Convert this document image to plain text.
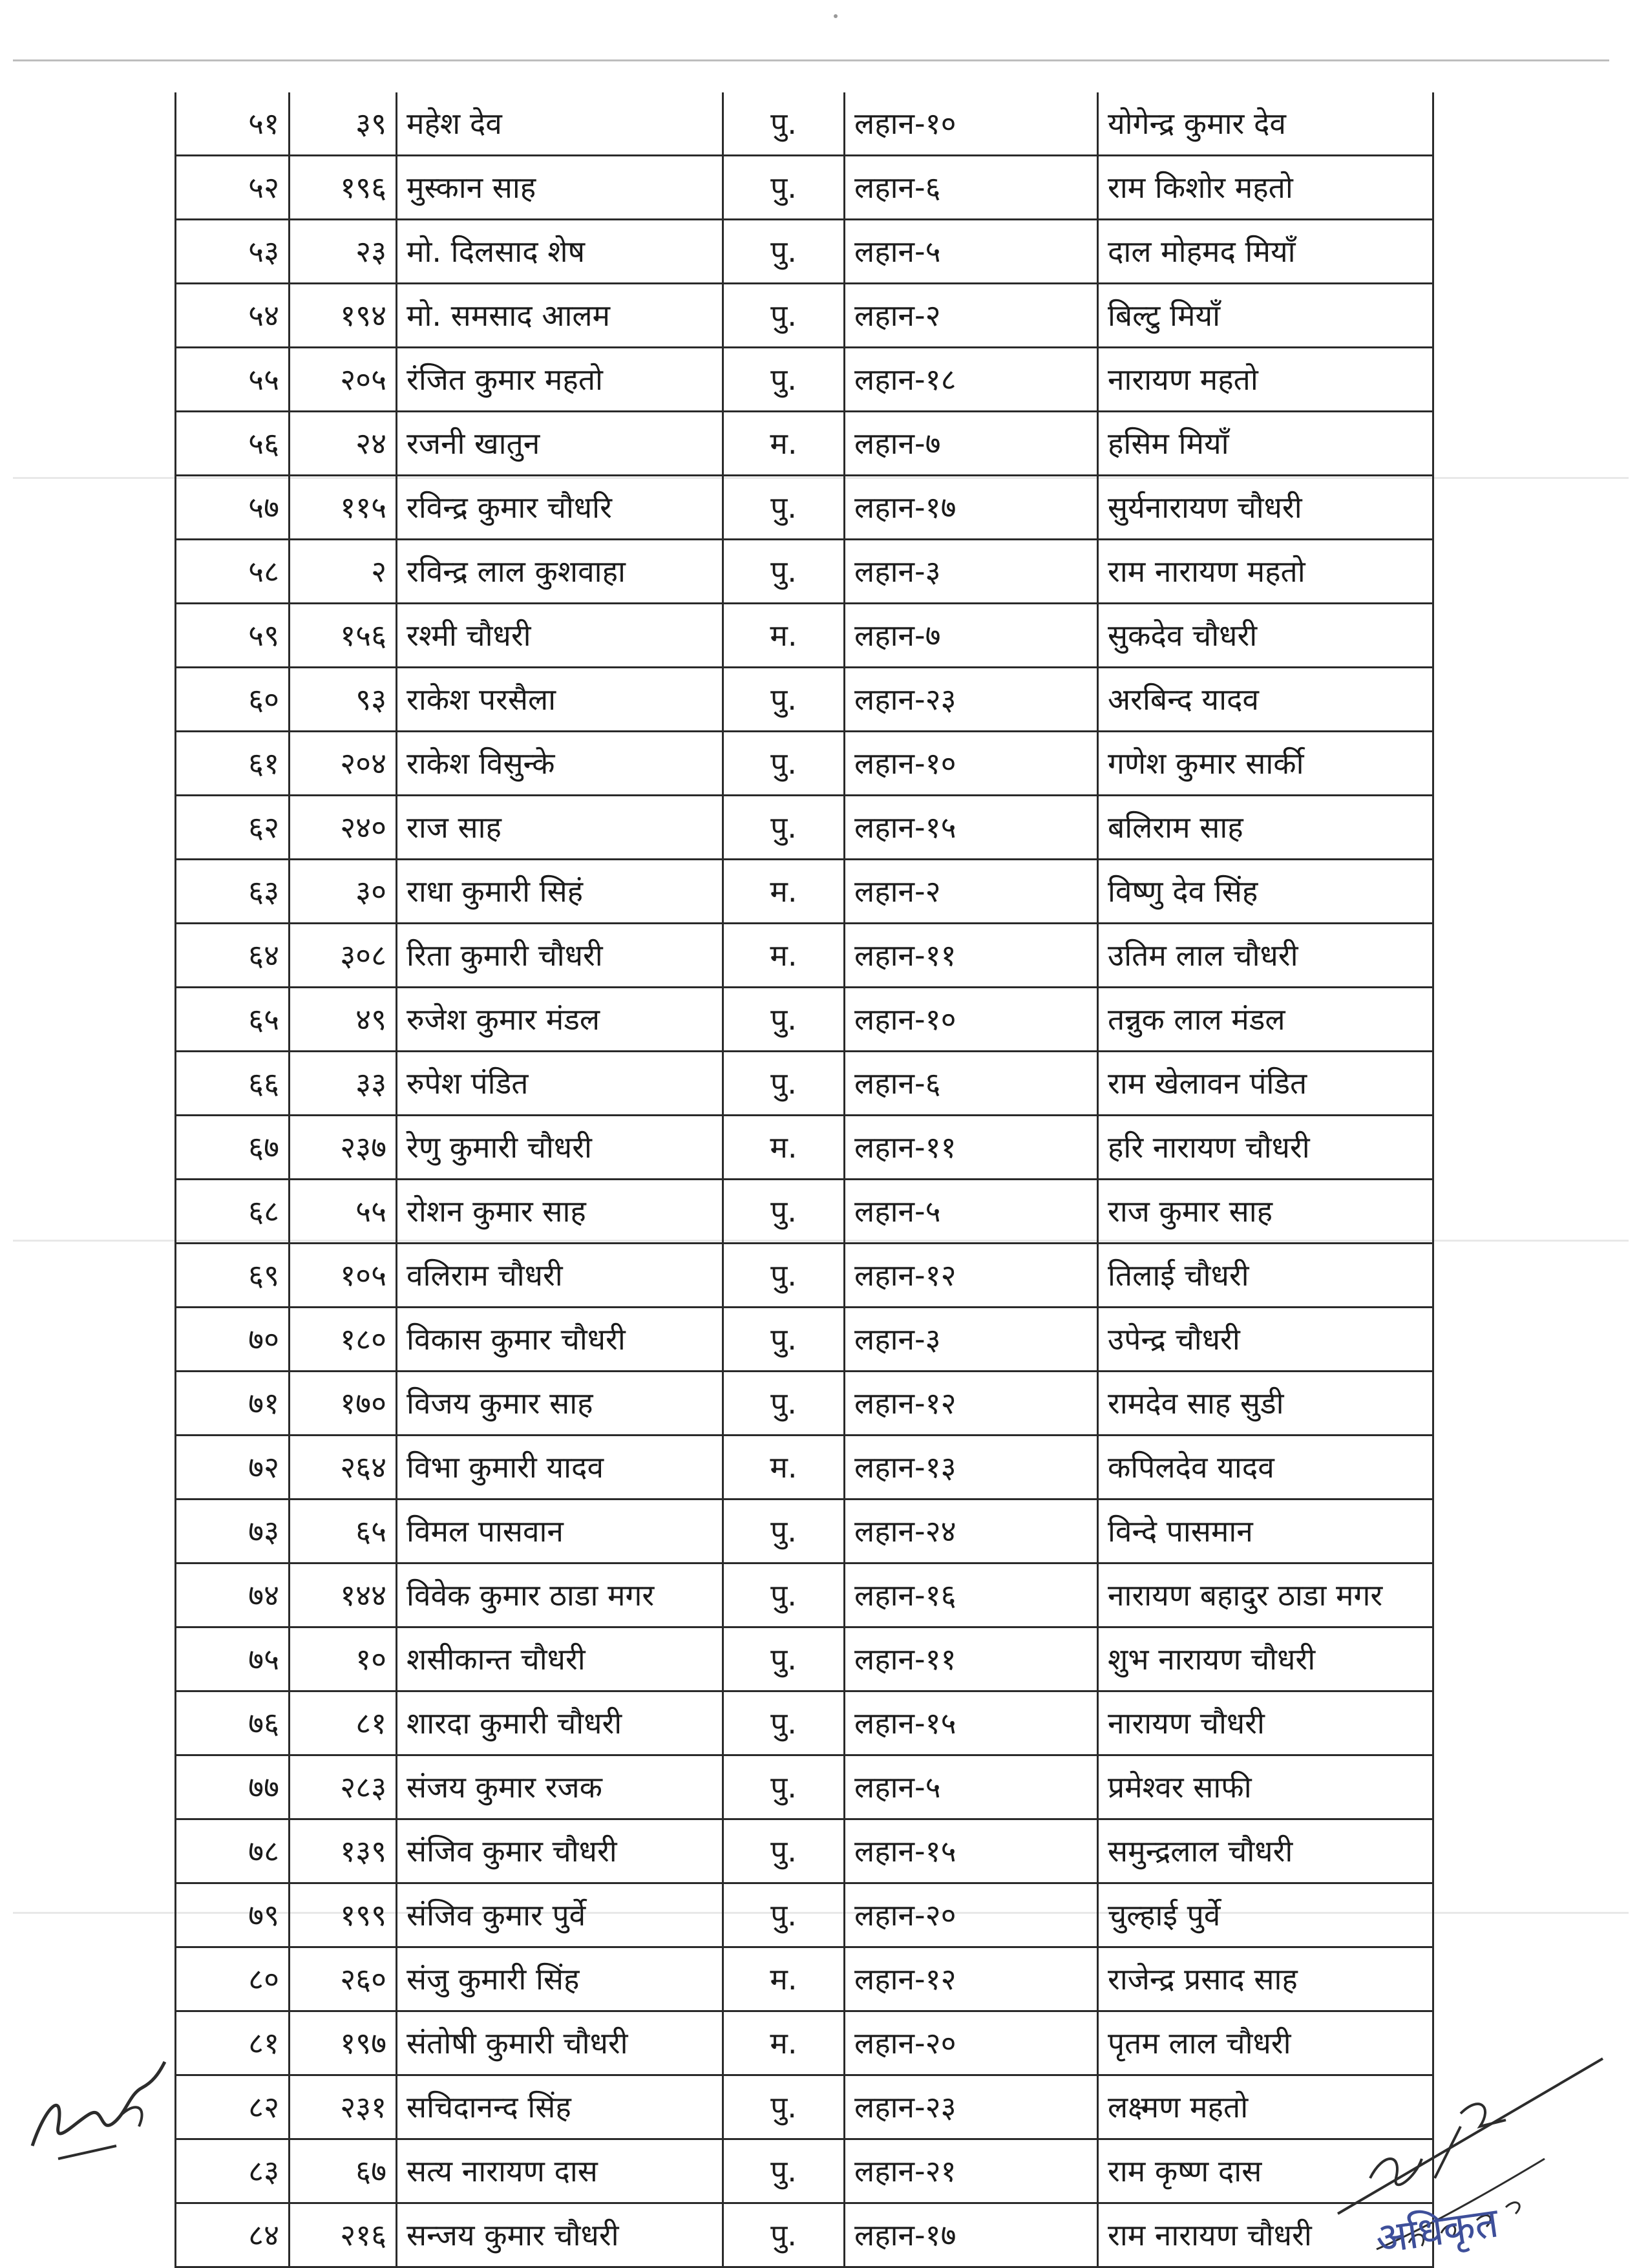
५१	३९	महेश देव	पु.	लहान-१०	योगेन्द्र कुमार देव
५२	१९६	मुस्कान साह	पु.	लहान-६	राम किशोर महतो
५३	२३	मो. दिलसाद शेष	पु.	लहान-५	दाल मोहमद मियाँ
५४	१९४	मो. समसाद आलम	पु.	लहान-२	बिल्टु मियाँ
५५	२०५	रंजित कुमार महतो	पु.	लहान-१८	नारायण महतो
५६	२४	रजनी खातुन	म.	लहान-७	हसिम मियाँ
५७	११५	रविन्द्र कुमार चौधरि	पु.	लहान-१७	सुर्यनारायण चौधरी
५८	२	रविन्द्र लाल कुशवाहा	पु.	लहान-३	राम नारायण महतो
५९	१५६	रश्मी चौधरी	म.	लहान-७	सुकदेव चौधरी
६०	९३	राकेश परसैला	पु.	लहान-२३	अरबिन्द यादव
६१	२०४	राकेश विसुन्के	पु.	लहान-१०	गणेश कुमार सार्की
६२	२४०	राज साह	पु.	लहान-१५	बलिराम साह
६३	३०	राधा कुमारी सिहं	म.	लहान-२	विष्णु देव सिंह
६४	३०८	रिता कुमारी चौधरी	म.	लहान-११	उतिम लाल चौधरी
६५	४९	रुजेश कुमार मंडल	पु.	लहान-१०	तन्नुक लाल मंडल
६६	३३	रुपेश पंडित	पु.	लहान-६	राम खेलावन पंडित
६७	२३७	रेणु कुमारी चौधरी	म.	लहान-११	हरि नारायण चौधरी
६८	५५	रोशन कुमार साह	पु.	लहान-५	राज कुमार साह
६९	१०५	वलिराम चौधरी	पु.	लहान-१२	तिलाई चौधरी
७०	१८०	विकास कुमार चौधरी	पु.	लहान-३	उपेन्द्र चौधरी
७१	१७०	विजय कुमार साह	पु.	लहान-१२	रामदेव साह सुडी
७२	२६४	विभा कुमारी यादव	म.	लहान-१३	कपिलदेव यादव
७३	६५	विमल पासवान	पु.	लहान-२४	विन्दे पासमान
७४	१४४	विवेक कुमार ठाडा मगर	पु.	लहान-१६	नारायण बहादुर ठाडा मगर
७५	१०	शसीकान्त चौधरी	पु.	लहान-११	शुभ नारायण चौधरी
७६	८१	शारदा कुमारी चौधरी	पु.	लहान-१५	नारायण चौधरी
७७	२८३	संजय कुमार रजक	पु.	लहान-५	प्रमेश्वर साफी
७८	१३९	संजिव कुमार चौधरी	पु.	लहान-१५	समुन्द्रलाल चौधरी
७९	१९९	संजिव कुमार पुर्वे	पु.	लहान-२०	चुल्हाई पुर्वे
८०	२६०	संजु कुमारी सिंह	म.	लहान-१२	राजेन्द्र प्रसाद साह
८१	१९७	संतोषी कुमारी चौधरी	म.	लहान-२०	पृतम लाल चौधरी
८२	२३१	सचिदानन्द सिंह	पु.	लहान-२३	लक्ष्मण महतो
८३	६७	सत्य नारायण दास	पु.	लहान-२१	राम कृष्ण दास
८४	२१६	सन्जय कुमार चौधरी	पु.	लहान-१७	राम नारायण चौधरी अधिकृत
